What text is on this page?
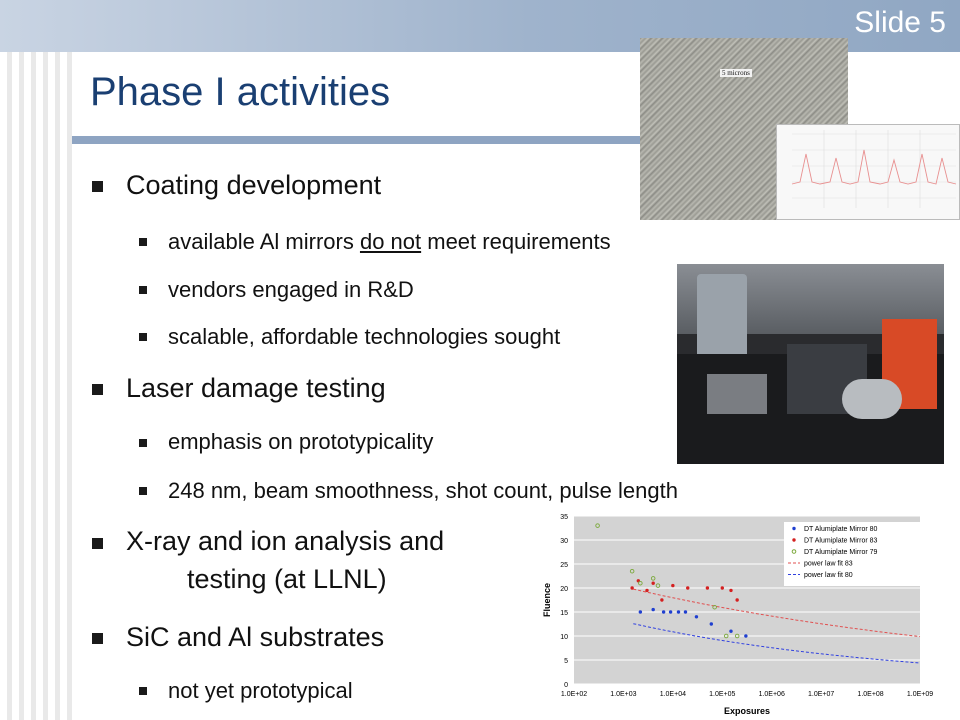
Slide 5
Phase I activities	5 microns
Coating development
available Al mirrors do not meet requirements
vendors engaged in R&D
scalable, affordable technologies sought
Laser damage testing
emphasis on prototypicality
248 nm, beam smoothness, shot count, pulse length
X-ray and ion analysis and
testing (at LLNL)
SiC and Al substrates
not yet prototypical	0
5
10
15
20
25
30
35
1.0E+02	1.0E+03	1.0E+04	1.0E+05	1.0E+06	1.0E+07	1.0E+08	1.0E+09
Exposures
Fluence
DT Alumiplate Mirror 80
DT Alumiplate Mirror 83
DT Alumiplate Mirror 79
power law fit 83
power law fit 80
